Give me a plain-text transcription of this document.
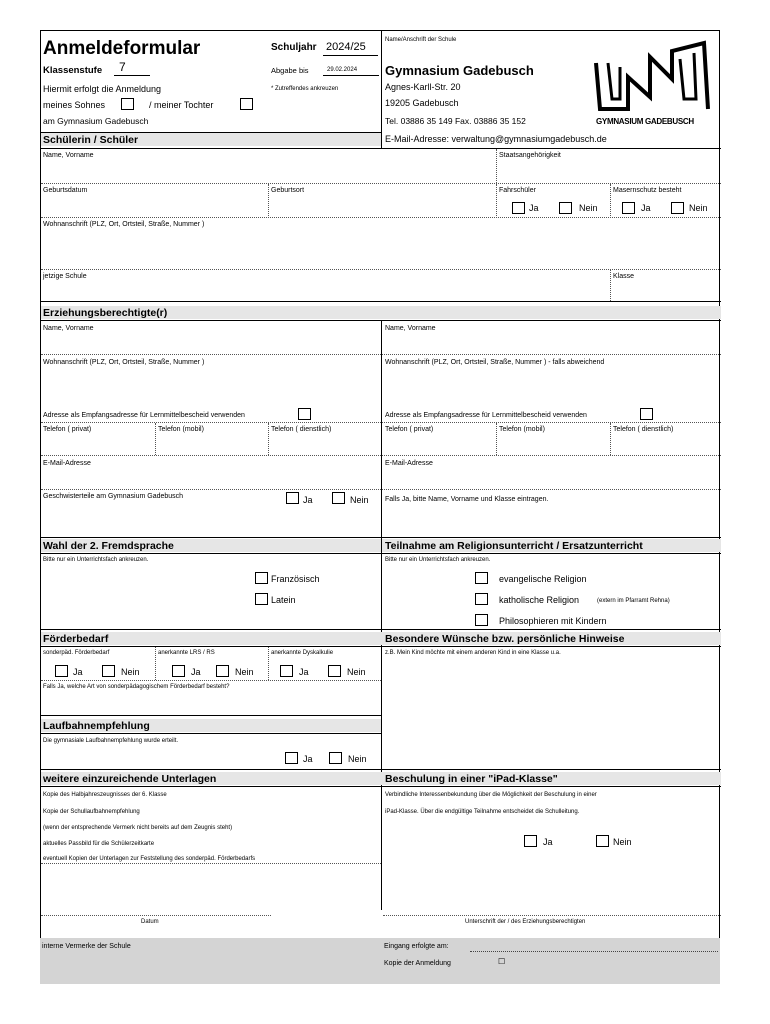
Anmeldeformular	Schuljahr 2024/25
Klassenstufe 7	Abgabe bis	29.02.2024
Hiermit erfolgt die Anmeldung	* Zutreffendes ankreuzen
meines Sohnes	/ meiner Tochter
am Gymnasium Gadebusch
Name/Anschrift der Schule
Gymnasium Gadebusch
Agnes-Karll-Str. 20
19205 Gadebusch
Tel. 03886 35 149 Fax. 03886 35 152	GYMNASIUM GADEBUSCH
Schülerin / Schüler	E-Mail-Adresse: verwaltung@gymnasiumgadebusch.de
Name, Vorname	Staatsangehörigkeit
Geburtsdatum	Geburtsort	Fahrschüler
Ja	Nein
Masernschutz besteht
Ja	Nein
Wohnanschrift (PLZ, Ort, Ortsteil, Straße, Nummer )
jetzige Schule	Klasse
Erziehungsberechtigte(r)
Name, Vorname	Name, Vorname
Wohnanschrift (PLZ, Ort, Ortsteil, Straße, Nummer )	Wohnanschrift (PLZ, Ort, Ortsteil, Straße, Nummer ) - falls abweichend
Adresse als Empfangsadresse für Lernmittelbescheid verwenden	Adresse als Empfangsadresse für Lernmittelbescheid verwenden
Telefon ( privat)	Telefon (mobil)	Telefon ( dienstlich)	Telefon ( privat)	Telefon (mobil)	Telefon ( dienstlich)
E-Mail-Adresse	E-Mail-Adresse
Geschwisterteile am Gymnasium Gadebusch	Ja	Nein Falls Ja, bitte Name, Vorname und Klasse eintragen.
Wahl der 2. Fremdsprache	Teilnahme am Religionsunterricht / Ersatzunterricht
Bitte nur ein Unterrichtsfach ankreuzen.
Französisch
Latein
Bitte nur ein Unterrichtsfach ankreuzen.
evangelische Religion
katholische Religion	(extern im Pfarramt Rehna)
Philosophieren mit Kindern
Förderbedarf	Besondere Wünsche bzw. persönliche Hinweise
sonderpäd. Förderbedarf	anerkannte LRS / RS	anerkannte Dyskalkulie	z.B. Mein Kind möchte mit einem anderen Kind in eine Klasse u.a.
Ja	Nein	Ja	Nein	Ja	Nein
Falls Ja, welche Art von sonderpädagogischem Förderbedarf besteht?
Laufbahnempfehlung
Die gymnasiale Laufbahnempfehlung wurde erteilt.
Ja	Nein
weitere einzureichende Unterlagen	Beschulung in einer "iPad-Klasse"
Kopie des Halbjahreszeugnisses der 6. Klasse
Kopie der Schullaufbahnempfehlung
(wenn der entsprechende Vermerk nicht bereits auf dem Zeugnis steht)
aktuelles Passbild für die Schülerzeitkarte
eventuell Kopien der Unterlagen zur Feststellung des sonderpäd. Förderbedarfs
Verbindliche Interessenbekundung über die Möglichkeit der Beschulung in einer
iPad-Klasse. Über die endgültige Teilnahme entscheidet die Schulleitung.
Ja	Nein
Datum	Unterschrift der / des Erziehungsberechtigten
interne Vermerke der Schule	Eingang erfolgte am:
Kopie der Anmeldung	☐
